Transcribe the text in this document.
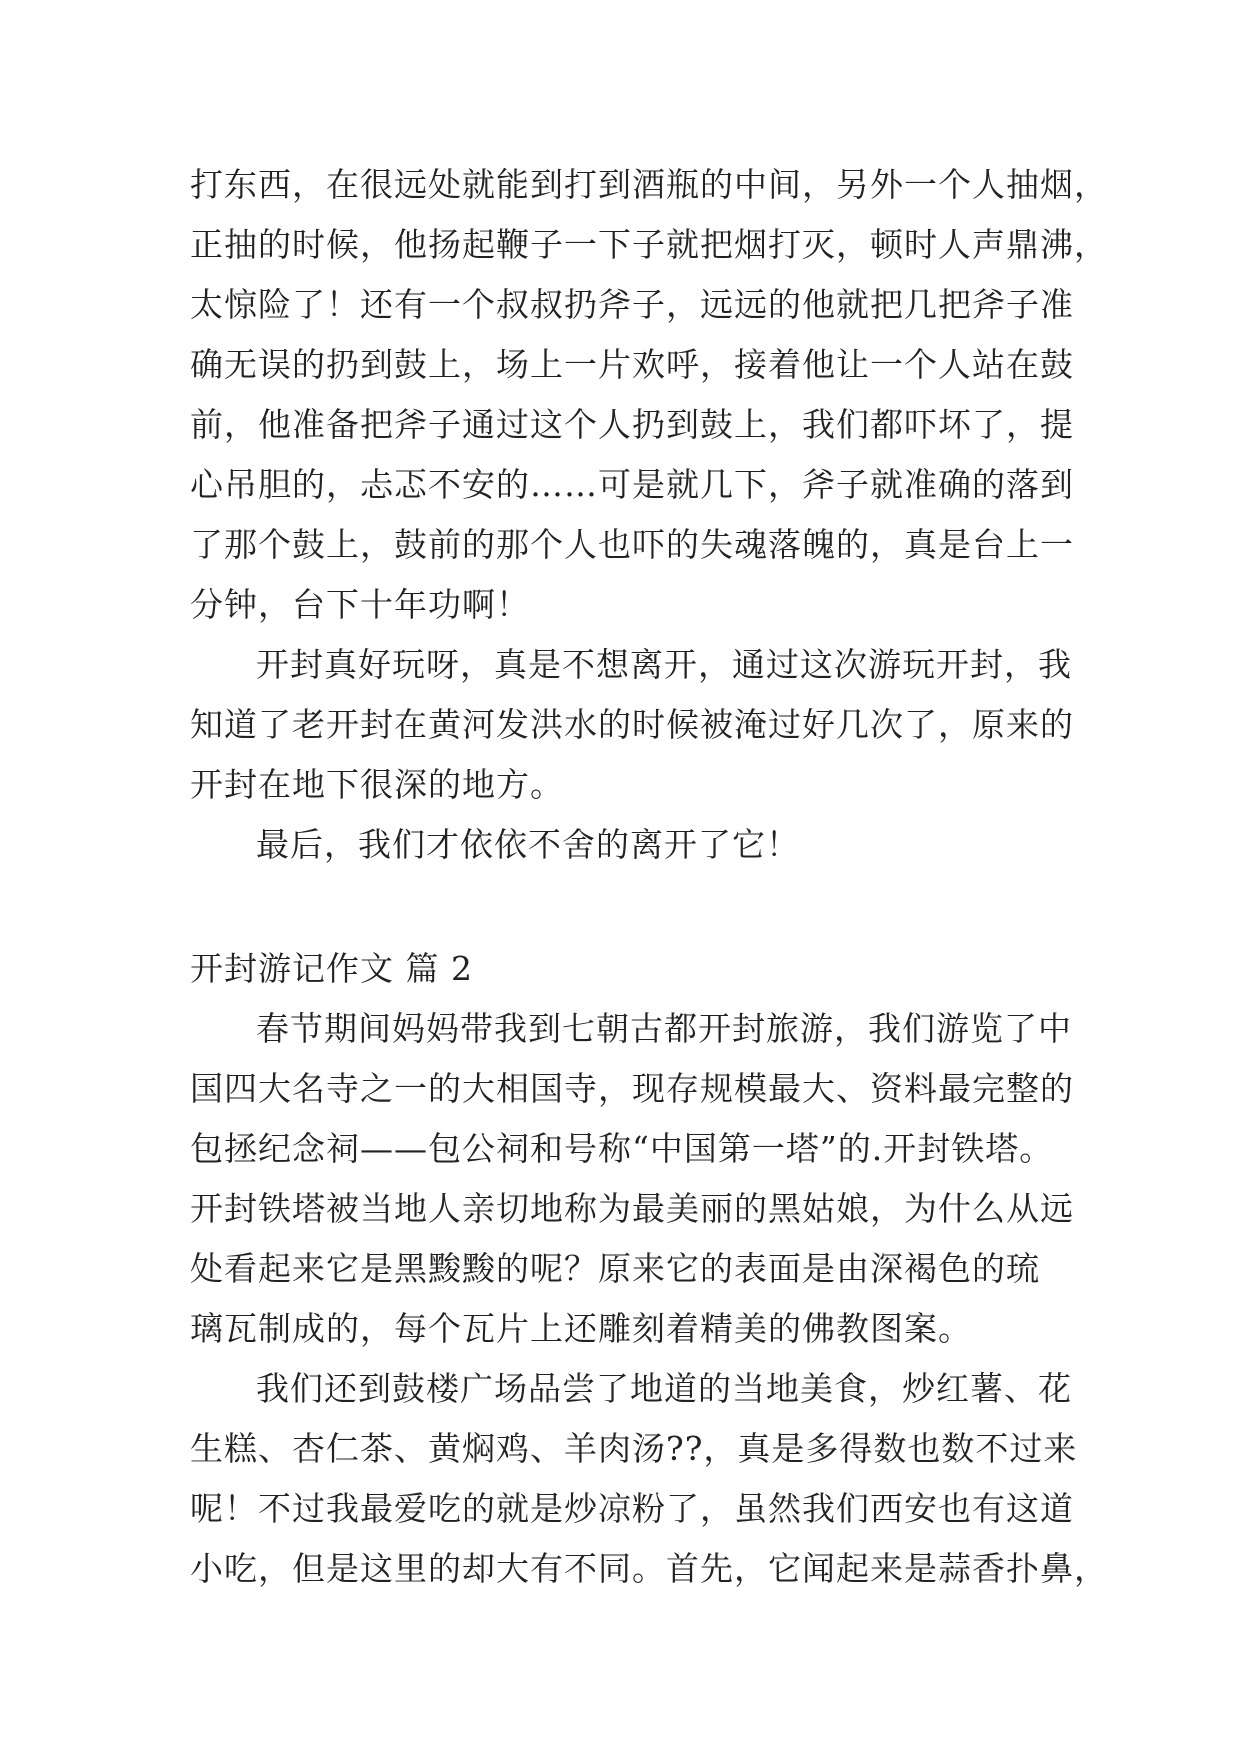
打东西，在很远处就能到打到酒瓶的中间，另外一个人抽烟，
正抽的时候，他扬起鞭子一下子就把烟打灭，顿时人声鼎沸，
太惊险了！还有一个叔叔扔斧子，远远的他就把几把斧子准
确无误的扔到鼓上，场上一片欢呼，接着他让一个人站在鼓
前，他准备把斧子通过这个人扔到鼓上，我们都吓坏了，提
心吊胆的，忐忑不安的……可是就几下，斧子就准确的落到
了那个鼓上，鼓前的那个人也吓的失魂落魄的，真是台上一
分钟，台下十年功啊！
开封真好玩呀，真是不想离开，通过这次游玩开封，我
知道了老开封在黄河发洪水的时候被淹过好几次了，原来的
开封在地下很深的地方。
最后，我们才依依不舍的离开了它！
开封游记作文 篇 2
春节期间妈妈带我到七朝古都开封旅游，我们游览了中
国四大名寺之一的大相国寺，现存规模最大、资料最完整的
包拯纪念祠——包公祠和号称“中国第一塔”的.开封铁塔。
开封铁塔被当地人亲切地称为最美丽的黑姑娘，为什么从远
处看起来它是黑黢黢的呢？原来它的表面是由深褐色的琉
璃瓦制成的，每个瓦片上还雕刻着精美的佛教图案。
我们还到鼓楼广场品尝了地道的当地美食，炒红薯、花
生糕、杏仁茶、黄焖鸡、羊肉汤??，真是多得数也数不过来
呢！不过我最爱吃的就是炒凉粉了，虽然我们西安也有这道
小吃，但是这里的却大有不同。首先，它闻起来是蒜香扑鼻，
